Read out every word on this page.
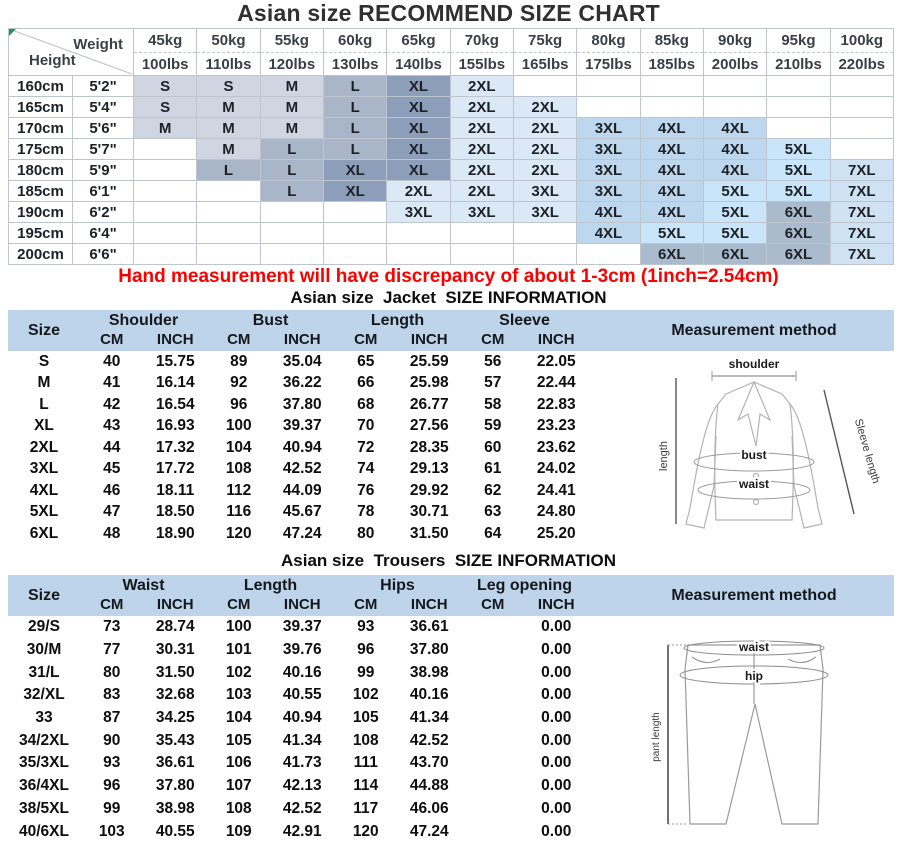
Asian size RECOMMEND SIZE CHART
Weight
Height		45kg	50kg	55kg	60kg	65kg	70kg	75kg	80kg	85kg	90kg	95kg	100kg
		100lbs	110lbs	120lbs	130lbs	140lbs	155lbs	165lbs	175lbs	185lbs	200lbs	210lbs	220lbs
160cm	5'2"	S	S	M	L	XL	2XL						
165cm	5'4"	S	M	M	L	XL	2XL	2XL					
170cm	5'6"	M	M	M	L	XL	2XL	2XL	3XL	4XL	4XL		
175cm	5'7"		M	L	L	XL	2XL	2XL	3XL	4XL	4XL	5XL	
180cm	5'9"		L	L	XL	XL	2XL	2XL	3XL	4XL	4XL	5XL	7XL
185cm	6'1"			L	XL	2XL	2XL	3XL	3XL	4XL	5XL	5XL	7XL
190cm	6'2"					3XL	3XL	3XL	4XL	4XL	5XL	6XL	7XL
195cm	6'4"								4XL	5XL	5XL	6XL	7XL
200cm	6'6"									6XL	6XL	6XL	7XL
Hand measurement will have discrepancy of about 1-3cm (1inch=2.54cm)
Asian size  Jacket  SIZE INFORMATION
Size
Shoulder
CM	INCH
Bust
CM	INCH
Length
CM	INCH
Sleeve
CM	INCH
Measurement method
S	40	15.75	89	35.04	65	25.59	56	22.05
M	41	16.14	92	36.22	66	25.98	57	22.44
L	42	16.54	96	37.80	68	26.77	58	22.83
XL	43	16.93	100	39.37	70	27.56	59	23.23
2XL	44	17.32	104	40.94	72	28.35	60	23.62
3XL	45	17.72	108	42.52	74	29.13	61	24.02
4XL	46	18.11	112	44.09	76	29.92	62	24.41
5XL	47	18.50	116	45.67	78	30.71	63	24.80
6XL	48	18.90	120	47.24	80	31.50	64	25.20
shoulder
length	bust
waist	Sleeve length
Asian size  Trousers  SIZE INFORMATION
Size
Waist
CM	INCH
Length
CM	INCH
Hips
CM	INCH
Leg opening
CM	INCH
Measurement method
29/S	73	28.74	100	39.37	93	36.61		0.00
30/M	77	30.31	101	39.76	96	37.80		0.00
31/L	80	31.50	102	40.16	99	38.98		0.00
32/XL	83	32.68	103	40.55	102	40.16		0.00
33	87	34.25	104	40.94	105	41.34		0.00
34/2XL	90	35.43	105	41.34	108	42.52		0.00
35/3XL	93	36.61	106	41.73	111	43.70		0.00
36/4XL	96	37.80	107	42.13	114	44.88		0.00
38/5XL	99	38.98	108	42.52	117	46.06		0.00
40/6XL	103	40.55	109	42.91	120	47.24		0.00
waist
hip
pant length
